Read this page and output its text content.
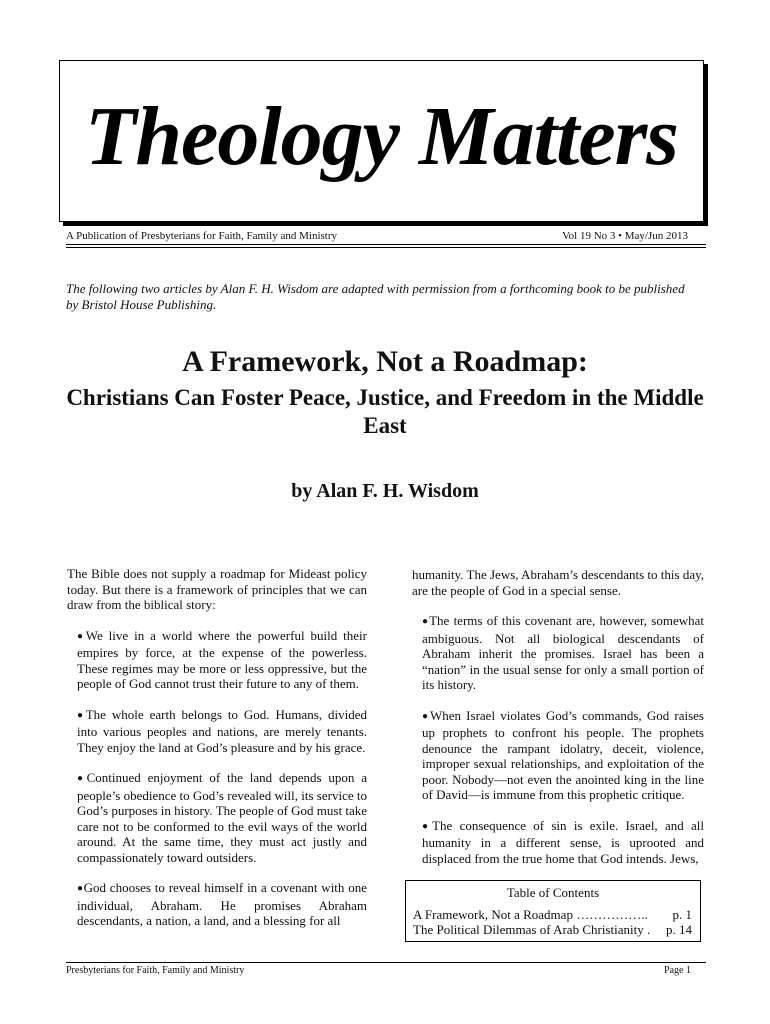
Theology Matters
A Publication of Presbyterians for Faith, Family and Ministry	Vol 19 No 3 • May/Jun 2013
The following two articles by Alan F. H. Wisdom are adapted with permission from a forthcoming book to be published by Bristol House Publishing.
A Framework, Not a Roadmap:
Christians Can Foster Peace, Justice, and Freedom in the Middle East
by Alan F. H. Wisdom

The Bible does not supply a roadmap for Mideast policy today. But there is a framework of principles that we can draw from the biblical story:

●We live in a world where the powerful build their empires by force, at the expense of the powerless. These regimes may be more or less oppressive, but the people of God cannot trust their future to any of them.

●The whole earth belongs to God. Humans, divided into various peoples and nations, are merely tenants. They enjoy the land at God’s pleasure and by his grace.

●Continued enjoyment of the land depends upon a people’s obedience to God’s revealed will, its service to God’s purposes in history. The people of God must take care not to be conformed to the evil ways of the world around. At the same time, they must act justly and compassionately toward outsiders.

●God chooses to reveal himself in a covenant with one individual, Abraham. He promises Abraham descendants, a nation, a land, and a blessing for all

humanity. The Jews, Abraham’s descendants to this day, are the people of God in a special sense.

●The terms of this covenant are, however, somewhat ambiguous. Not all biological descendants of Abraham inherit the promises. Israel has been a “nation” in the usual sense for only a small portion of its history.

●When Israel violates God’s commands, God raises up prophets to confront his people. The prophets denounce the rampant idolatry, deceit, violence, improper sexual relationships, and exploitation of the poor. Nobody—not even the anointed king in the line of David—is immune from this prophetic critique.

●The consequence of sin is exile. Israel, and all humanity in a different sense, is uprooted and displaced from the true home that God intends. Jews,

Table of Contents
A Framework, Not a Roadmap …………….. p. 1
The Political Dilemmas of Arab Christianity . p. 14
Presbyterians for Faith, Family and Ministry	Page 1
